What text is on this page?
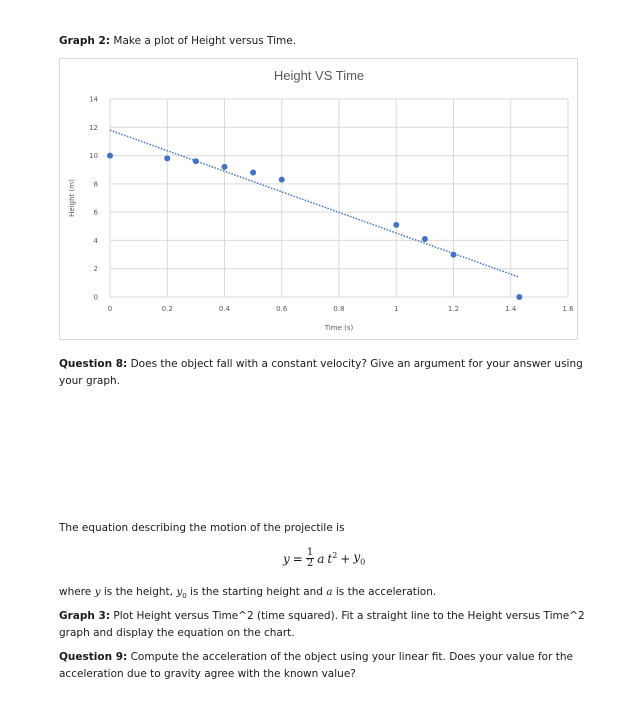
Graph 2: Make a plot of Height versus Time.

Height VS Time
0	0.2	0.4	0.6	0.8	1	1.2	1.4	1.6
0
2
4
6
8
10
12
14
Time (s)
Height (m)

Question 8: Does the object fall with a constant velocity? Give an argument for your answer using your graph.

The equation describing the motion of the projectile is

$y = \frac{1}{2}$ a $t^2 + y_0$

where y is the height, $y_0$ is the starting height and a is the acceleration.

Graph 3: Plot Height versus Time^2 (time squared). Fit a straight line to the Height versus Time^2 graph and display the equation on the chart.

Question 9: Compute the acceleration of the object using your linear fit. Does your value for the acceleration due to gravity agree with the known value?
